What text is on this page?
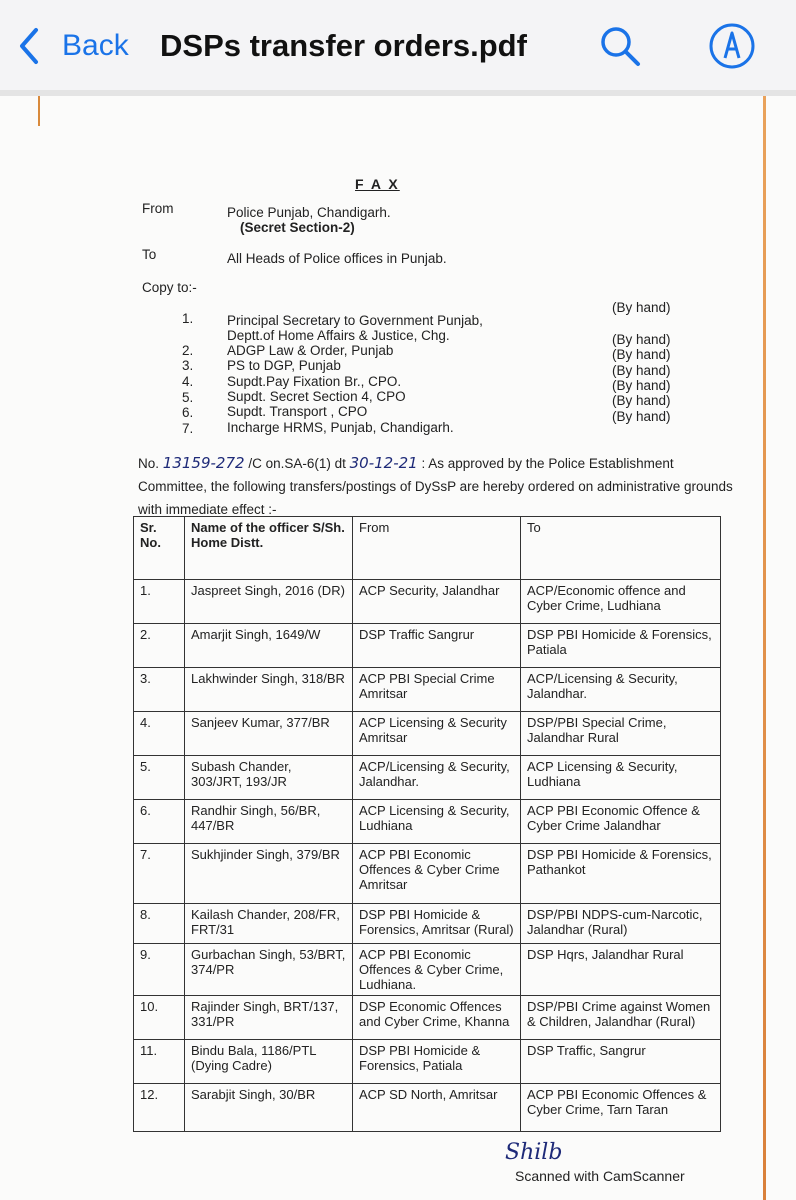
Back DSPs transfer orders.pdf
F A X
From	Police Punjab, Chandigarh.
(Secret Section-2)
To	All Heads of Police offices in Punjab.
Copy to:-
1. Principal Secretary to Government Punjab,
Deptt.of Home Affairs & Justice, Chg.
(By hand)
2. ADGP Law & Order, Punjab
(By hand)
3. PS to DGP, Punjab
(By hand)
4. Supdt.Pay Fixation Br., CPO.
(By hand)
5. Supdt. Secret Section 4, CPO
(By hand)
6. Supdt. Transport , CPO
(By hand)
7. Incharge HRMS, Punjab, Chandigarh.
(By hand)
No. 13159-272 /C on.SA-6(1) dt 30-12-21 : As approved by the Police Establishment
Committee, the following transfers/postings of DySsP are hereby ordered on administrative grounds
with immediate effect :-
Sr. No.	Name of the officer S/Sh. Home Distt.	From	To
1.	Jaspreet Singh, 2016 (DR)	ACP Security, Jalandhar	ACP/Economic offence and Cyber Crime, Ludhiana
2.	Amarjit Singh, 1649/W	DSP Traffic Sangrur	DSP PBI Homicide & Forensics, Patiala
3.	Lakhwinder Singh, 318/BR	ACP PBI Special Crime Amritsar	ACP/Licensing & Security, Jalandhar.
4.	Sanjeev Kumar, 377/BR	ACP Licensing & Security Amritsar	DSP/PBI Special Crime, Jalandhar Rural
5.	Subash Chander, 303/JRT, 193/JR	ACP/Licensing & Security, Jalandhar.	ACP Licensing & Security, Ludhiana
6.	Randhir Singh, 56/BR, 447/BR	ACP Licensing & Security, Ludhiana	ACP PBI Economic Offence & Cyber Crime Jalandhar
7.	Sukhjinder Singh, 379/BR	ACP PBI Economic Offences & Cyber Crime Amritsar	DSP PBI Homicide & Forensics, Pathankot
8.	Kailash Chander, 208/FR, FRT/31	DSP PBI Homicide & Forensics, Amritsar (Rural)	DSP/PBI NDPS-cum-Narcotic, Jalandhar (Rural)
9.	Gurbachan Singh, 53/BRT, 374/PR	ACP PBI Economic Offences & Cyber Crime, Ludhiana.	DSP Hqrs, Jalandhar Rural
10.	Rajinder Singh, BRT/137, 331/PR	DSP Economic Offences and Cyber Crime, Khanna	DSP/PBI Crime against Women & Children, Jalandhar (Rural)
11.	Bindu Bala, 1186/PTL (Dying Cadre)	DSP PBI Homicide & Forensics, Patiala	DSP Traffic, Sangrur
12.	Sarabjit Singh, 30/BR	ACP SD North, Amritsar	ACP PBI Economic Offences & Cyber Crime, Tarn Taran
Shilb
Scanned with CamScanner
